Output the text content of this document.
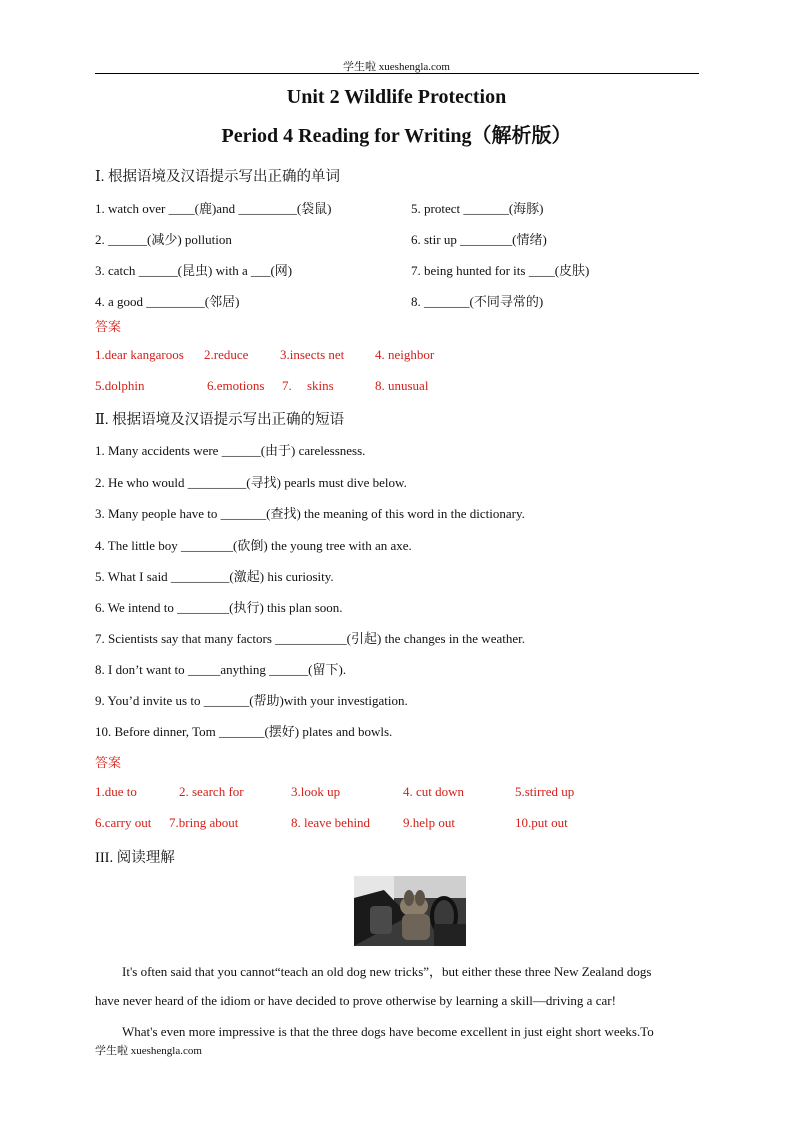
学生啦 xueshengla.com
Unit 2 Wildlife Protection
Period 4 Reading for Writing（解析版）
Ⅰ. 根据语境及汉语提示写出正确的单词
1. watch over ____(鹿)and _________(袋鼠)
2. ______(减少) pollution
3. catch ______(昆虫) with a ___(网)
4. a good _________(邻居)
5. protect _______(海豚)
6. stir up ________(情绪)
7. being hunted for its ____(皮肤)
8. _______(不同寻常的)
答案
1.dear kangaroos 2.reduce 3.insects net 4. neighbor
5.dolphin	6.emotions 7. skins	8. unusual
Ⅱ. 根据语境及汉语提示写出正确的短语
1. Many accidents were ______(由于) carelessness.
2. He who would _________(寻找) pearls must dive below.
3. Many people have to _______(查找) the meaning of this word in the dictionary.
4. The little boy ________(砍倒) the young tree with an axe.
5. What I said _________(激起) his curiosity.
6. We intend to ________(执行) this plan soon.
7. Scientists say that many factors ___________(引起) the changes in the weather.
8. I don’t want to _____anything ______(留下).
9. You’d invite us to _______(帮助)with your investigation.
10. Before dinner, Tom _______(摆好) plates and bowls.
答案
1.due to	2. search for	3.look up	4. cut down	5.stirred up
6.carry out 7.bring about	8. leave behind	9.help out	10.put out
III. 阅读理解
It's often said that you cannot“teach an old dog new tricks”，but either these three New Zealand dogs
have never heard of the idiom or have decided to prove otherwise by learning a skill—driving a car!
What's even more impressive is that the three dogs have become excellent in just eight short weeks.To
学生啦 xueshengla.com
